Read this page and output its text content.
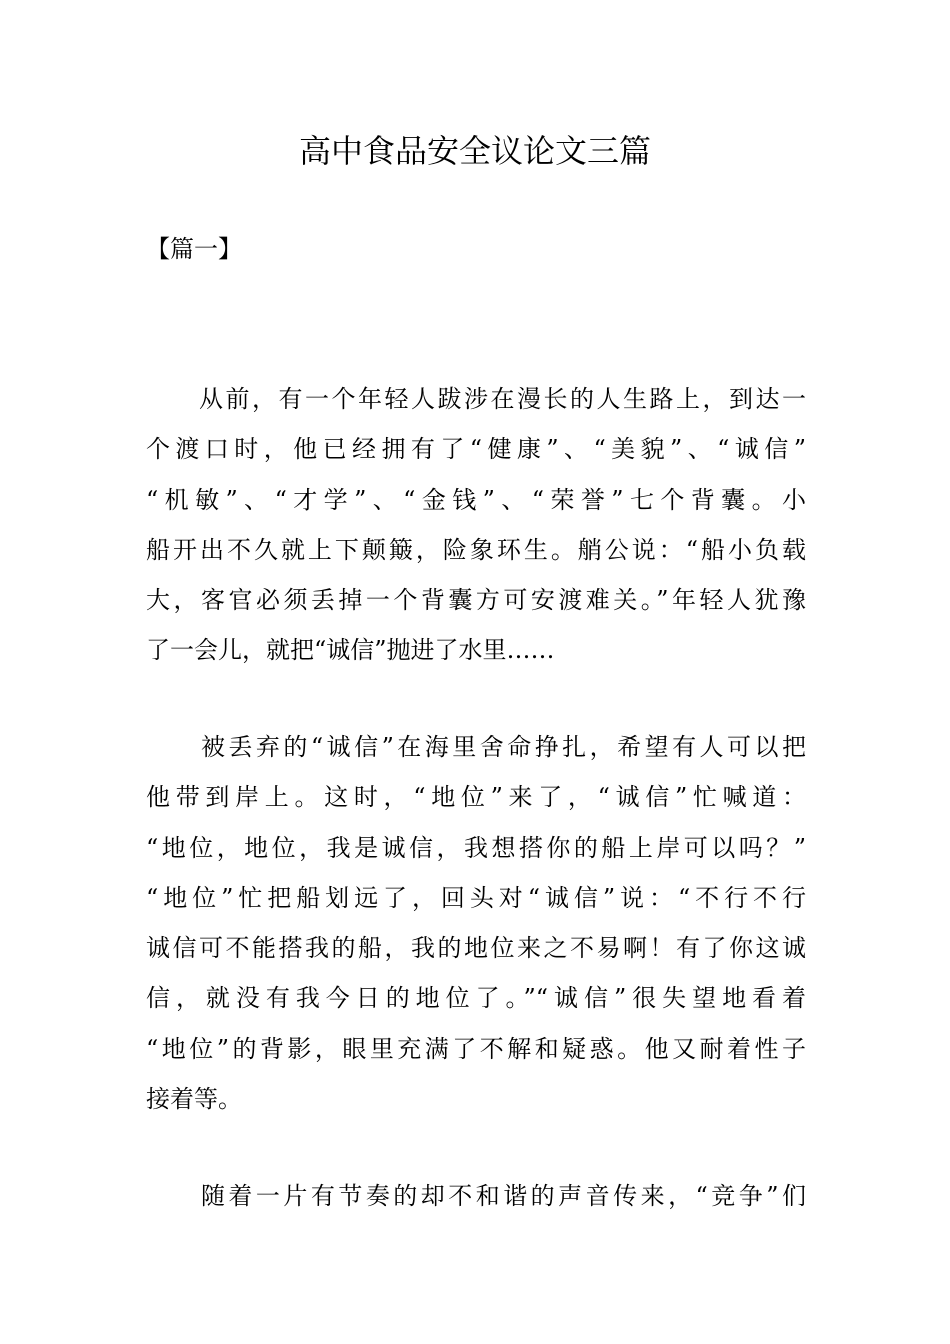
高中食品安全议论文三篇
【篇一】
　　从前，有一个年轻人跋涉在漫长的人生路上，到达一
个渡口时，他已经拥有了“健康”、“美貌”、“诚信”
“机敏”、“才学”、“金钱”、“荣誉”七个背囊。小
船开出不久就上下颠簸，险象环生。艄公说：“船小负载
大，客官必须丢掉一个背囊方可安渡难关。”年轻人犹豫
了一会儿，就把“诚信”抛进了水里……
　　被丢弃的“诚信”在海里舍命挣扎，希望有人可以把
他带到岸上。这时，“地位”来了，“诚信”忙喊道：
“地位，地位，我是诚信，我想搭你的船上岸可以吗？”
“地位”忙把船划远了，回头对“诚信”说：“不行不行
诚信可不能搭我的船，我的地位来之不易啊！有了你这诚
信，就没有我今日的地位了。”“诚信”很失望地看着
“地位”的背影，眼里充满了不解和疑惑。他又耐着性子
接着等。
　　随着一片有节奏的却不和谐的声音传来，“竞争”们
